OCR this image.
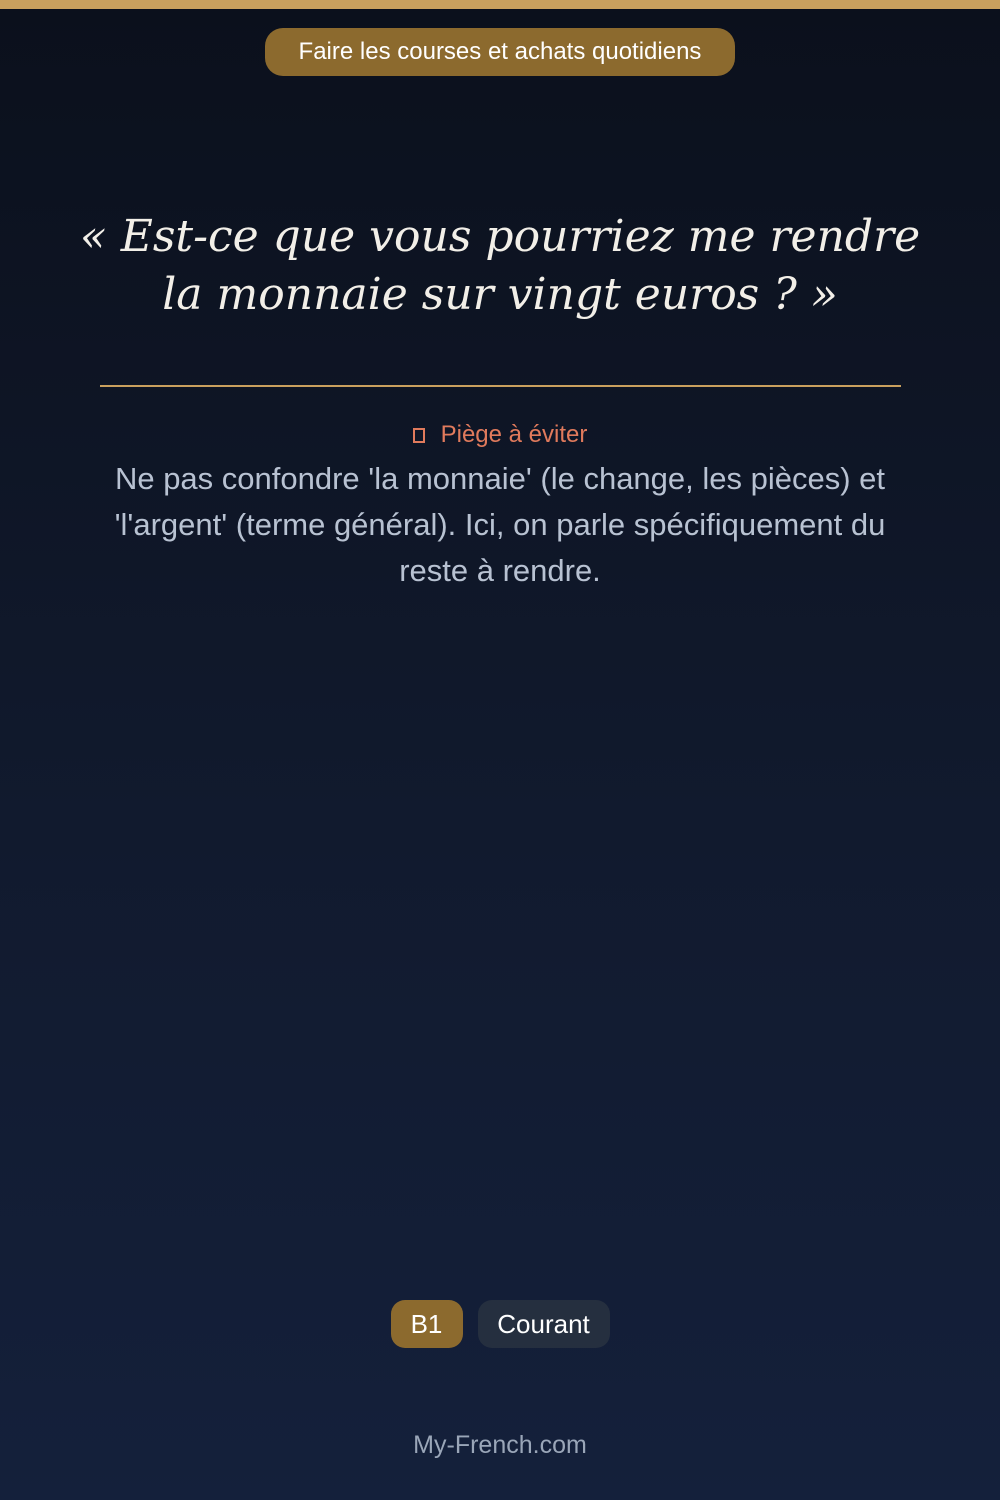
Faire les courses et achats quotidiens
« Est-ce que vous pourriez me rendre la monnaie sur vingt euros ? »
Piège à éviter

Ne pas confondre 'la monnaie' (le change, les pièces) et 'l'argent' (terme général). Ici, on parle spécifiquement du reste à rendre.

B1	Courant
My-French.com
